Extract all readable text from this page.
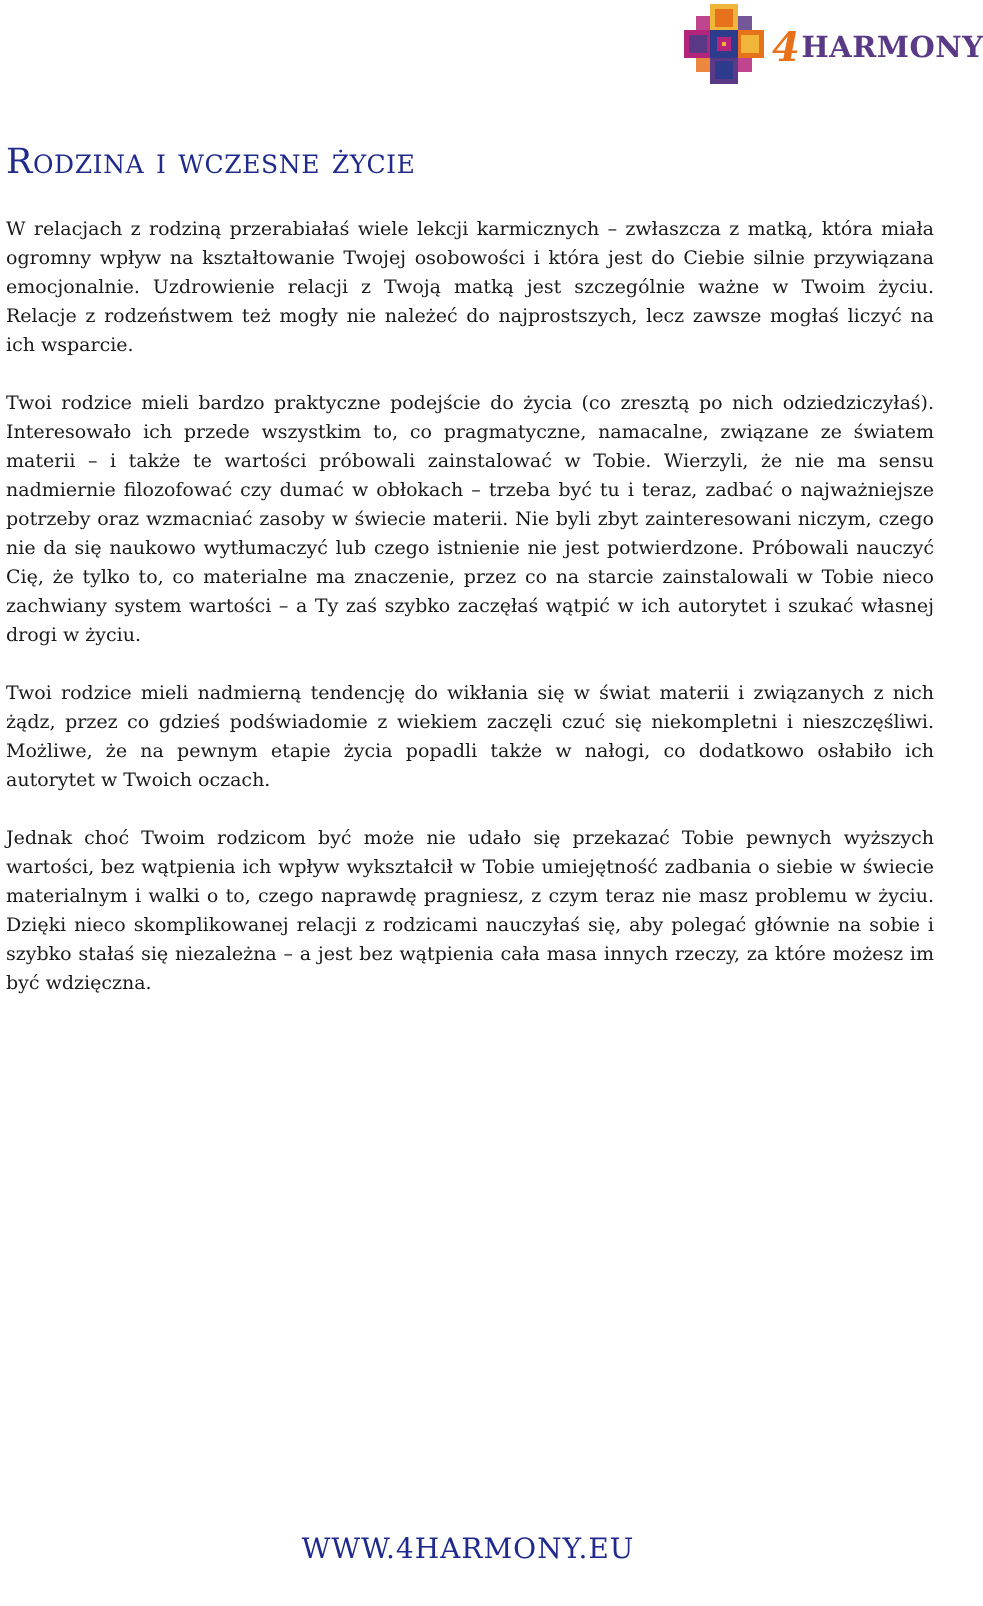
4HARMONY
Rodzina i wczesne życie

W relacjach z rodziną przerabiałaś wiele lekcji karmicznych – zwłaszcza z matką, która miała ogromny wpływ na kształtowanie Twojej osobowości i która jest do Ciebie silnie przywiązana emocjonalnie. Uzdrowienie relacji z Twoją matką jest szczególnie ważne w Twoim życiu. Relacje z rodzeństwem też mogły nie należeć do najprostszych, lecz zawsze mogłaś liczyć na ich wsparcie.

Twoi rodzice mieli bardzo praktyczne podejście do życia (co zresztą po nich odziedziczyłaś). Interesowało ich przede wszystkim to, co pragmatyczne, namacalne, związane ze światem materii – i także te wartości próbowali zainstalować w Tobie. Wierzyli, że nie ma sensu nadmiernie filozofować czy dumać w obłokach – trzeba być tu i teraz, zadbać o najważniejsze potrzeby oraz wzmacniać zasoby w świecie materii. Nie byli zbyt zainteresowani niczym, czego nie da się naukowo wytłumaczyć lub czego istnienie nie jest potwierdzone. Próbowali nauczyć Cię, że tylko to, co materialne ma znaczenie, przez co na starcie zainstalowali w Tobie nieco zachwiany system wartości – a Ty zaś szybko zaczęłaś wątpić w ich autorytet i szukać własnej drogi w życiu.

Twoi rodzice mieli nadmierną tendencję do wikłania się w świat materii i związanych z nich żądz, przez co gdzieś podświadomie z wiekiem zaczęli czuć się niekompletni i nieszczęśliwi. Możliwe, że na pewnym etapie życia popadli także w nałogi, co dodatkowo osłabiło ich autorytet w Twoich oczach.

Jednak choć Twoim rodzicom być może nie udało się przekazać Tobie pewnych wyższych wartości, bez wątpienia ich wpływ wykształcił w Tobie umiejętność zadbania o siebie w świecie materialnym i walki o to, czego naprawdę pragniesz, z czym teraz nie masz problemu w życiu. Dzięki nieco skomplikowanej relacji z rodzicami nauczyłaś się, aby polegać głównie na sobie i szybko stałaś się niezależna – a jest bez wątpienia cała masa innych rzeczy, za które możesz im być wdzięczna.

WWW.4HARMONY.EU
